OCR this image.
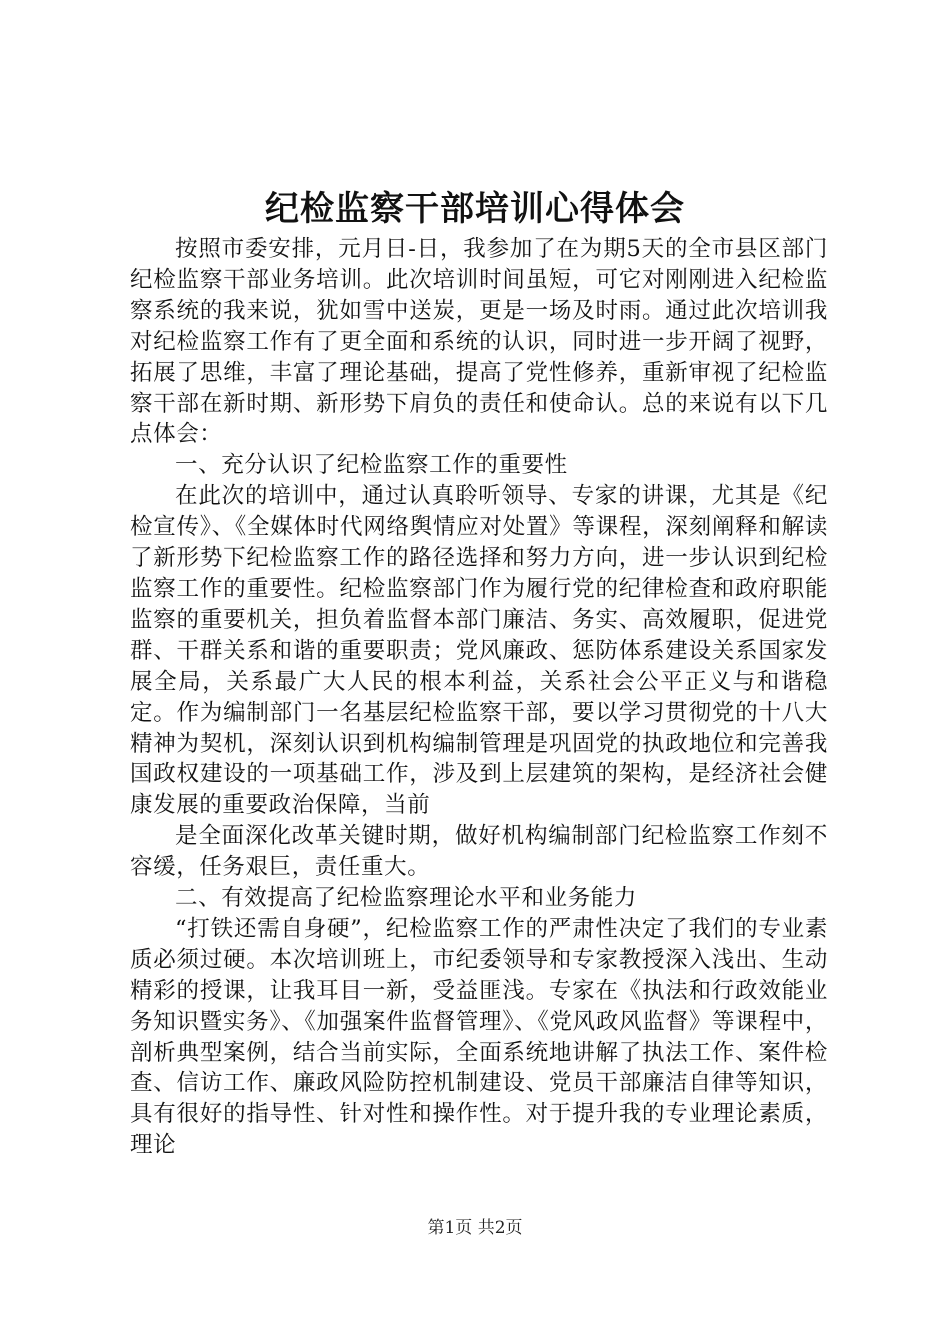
纪检监察干部培训心得体会

按照市委安排，元月日-日，我参加了在为期5天的全市县区部门纪检监察干部业务培训。此次培训时间虽短，可它对刚刚进入纪检监察系统的我来说，犹如雪中送炭，更是一场及时雨。通过此次培训我对纪检监察工作有了更全面和系统的认识，同时进一步开阔了视野，拓展了思维，丰富了理论基础，提高了党性修养，重新审视了纪检监察干部在新时期、新形势下肩负的责任和使命认。总的来说有以下几点体会：

一、充分认识了纪检监察工作的重要性

在此次的培训中，通过认真聆听领导、专家的讲课，尤其是《纪检宣传》、《全媒体时代网络舆情应对处置》等课程，深刻阐释和解读了新形势下纪检监察工作的路径选择和努力方向，进一步认识到纪检监察工作的重要性。纪检监察部门作为履行党的纪律检查和政府职能监察的重要机关，担负着监督本部门廉洁、务实、高效履职，促进党群、干群关系和谐的重要职责；党风廉政、惩防体系建设关系国家发展全局，关系最广大人民的根本利益，关系社会公平正义与和谐稳定。作为编制部门一名基层纪检监察干部，要以学习贯彻党的十八大精神为契机，深刻认识到机构编制管理是巩固党的执政地位和完善我国政权建设的一项基础工作，涉及到上层建筑的架构，是经济社会健康发展的重要政治保障，当前

是全面深化改革关键时期，做好机构编制部门纪检监察工作刻不容缓，任务艰巨，责任重大。

二、有效提高了纪检监察理论水平和业务能力

“打铁还需自身硬”，纪检监察工作的严肃性决定了我们的专业素质必须过硬。本次培训班上，市纪委领导和专家教授深入浅出、生动精彩的授课，让我耳目一新，受益匪浅。专家在《执法和行政效能业务知识暨实务》、《加强案件监督管理》、《党风政风监督》等课程中，剖析典型案例，结合当前实际，全面系统地讲解了执法工作、案件检查、信访工作、廉政风险防控机制建设、党员干部廉洁自律等知识，具有很好的指导性、针对性和操作性。对于提升我的专业理论素质，理论

第1页 共2页
